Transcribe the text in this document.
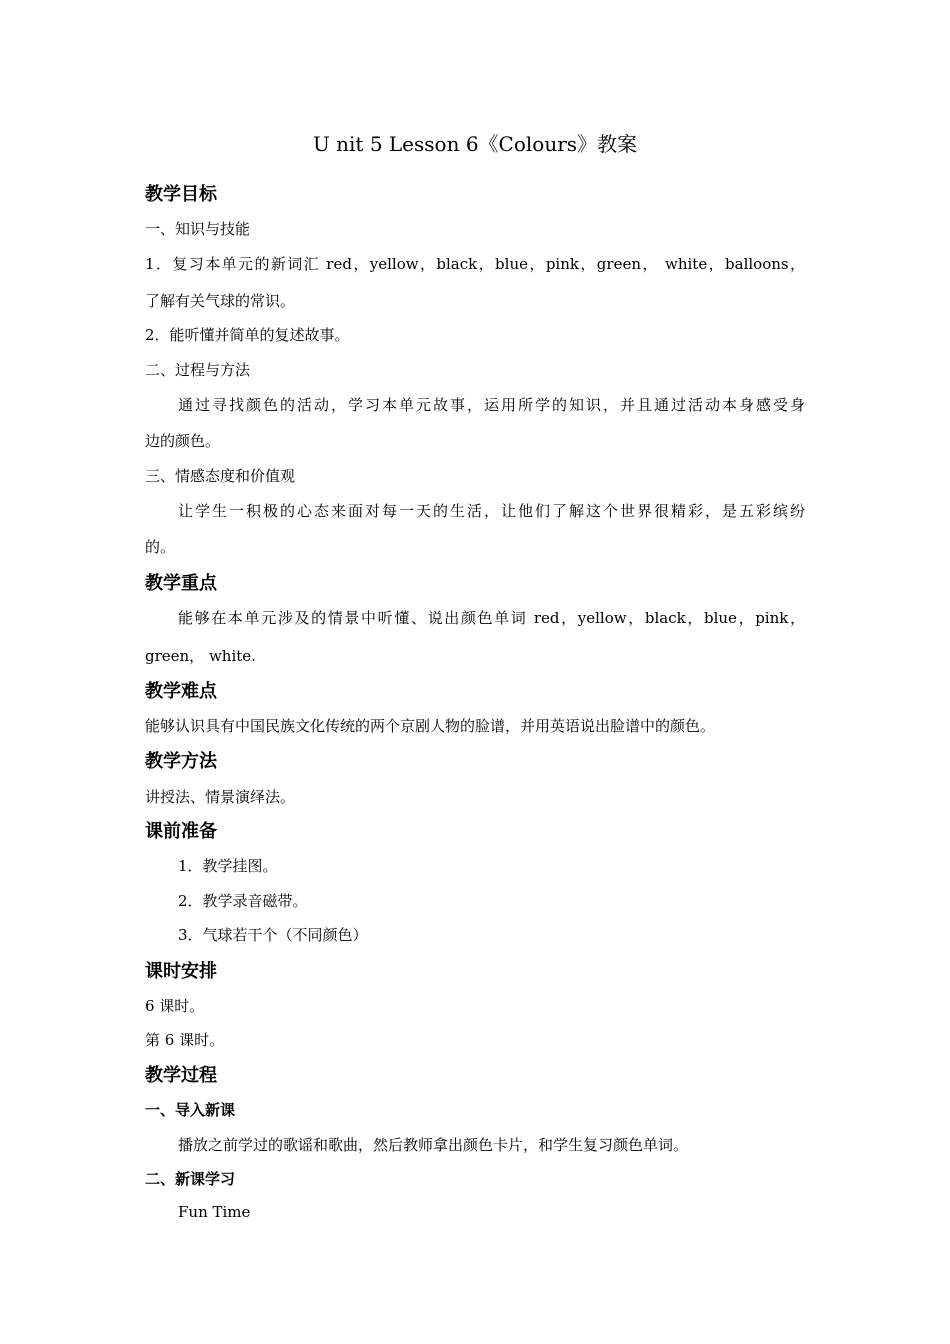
U nit 5 Lesson 6《Colours》教案
教学目标
一、知识与技能
1．复习本单元的新词汇 red，yellow，black，blue，pink，green， white，balloons，
了解有关气球的常识。
2．能听懂并简单的复述故事。
二、过程与方法
通过寻找颜色的活动，学习本单元故事，运用所学的知识，并且通过活动本身感受身
边的颜色。
三、情感态度和价值观
让学生一积极的心态来面对每一天的生活，让他们了解这个世界很精彩，是五彩缤纷
的。
教学重点
能够在本单元涉及的情景中听懂、说出颜色单词 red，yellow，black，blue，pink，
green， white.
教学难点
能够认识具有中国民族文化传统的两个京剧人物的脸谱，并用英语说出脸谱中的颜色。
教学方法
讲授法、情景演绎法。
课前准备
1．教学挂图。
2．教学录音磁带。
3．气球若干个（不同颜色）
课时安排
6 课时。
第 6 课时。
教学过程
一、导入新课
播放之前学过的歌谣和歌曲，然后教师拿出颜色卡片，和学生复习颜色单词。
二、新课学习
Fun Time
